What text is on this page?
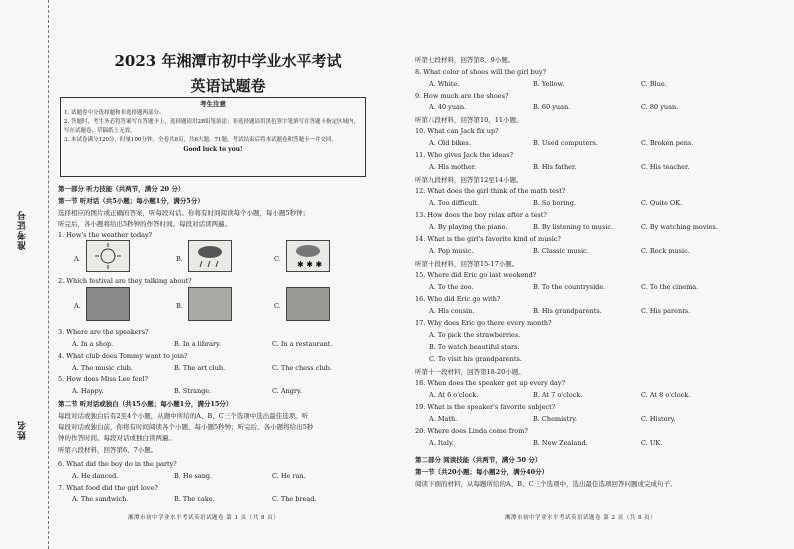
准考证号
姓名
2023 年湘潭市初中学业水平考试
英语试题卷
考生注意
1. 试题卷中分选择题和非选择题两部分。
2. 答题时，考生务必将答案写在答题卡上，选择题请用2B铅笔填涂；非选择题请用黑色签字笔填写在答题卡指定区域内，写在试题卷、草稿纸上无效。
3. 本试卷满分120分，时量100分钟。全卷共8页，共6大题，71题。考试结束后将本试题卷和答题卡一并交回。
Good luck to you!
第一部分 听力技能（共两节，满分 20 分）
第一节 听对话（共5小题；每小题1分，满分5分）
选择相应的图片或正确的答案，听每段对话。你将有时间阅读每个小题，每小题5秒钟；
听完后，各小题将给出5秒钟的作答时间。每段对话读两遍。
1. How's the weather today?
A.	B.	C.
✱ ✱ ✱
2. Which festival are they talking about?
A.	B.	C.
3. Where are the speakers?
A. In a shop.	B. In a library.	C. In a restaurant.
4. What club does Tommy want to join?
A. The music club.	B. The art club.	C. The chess club.
5. How does Miss Lee feel?
A. Happy.	B. Strange.	C. Angry.
第二节 听对话或独白（共15小题；每小题1分，满分15分）
每段对话或独白后有2至4个小题，从题中所给的A、B、C三个选项中选出最佳选项。听
每段对话或独白前，你将有时间阅读各个小题，每小题5秒钟；听完后，各小题将给出5秒
钟的作答时间。每段对话或独白读两遍。
听第六段材料，回答第6、7小题。
6. What did the boy do in the party?
A. He danced.	B. He sang.	C. He ran.
7. What food did the girl love?
A. The sandwich.	B. The cake.	C. The bread.
湘潭市初中学业水平考试英语试题卷 第 1 页（共 8 页）
听第七段材料，回答第8、9小题。
8. What color of shoes will the girl buy?
A. White.	B. Yellow.	C. Blue.
9. How much are the shoes?
A. 40 yuan.	B. 60 yuan.	C. 80 yuan.
听第八段材料，回答第10、11小题。
10. What can Jack fix up?
A. Old bikes.	B. Used computers.	C. Broken pens.
11. Who gives Jack the ideas?
A. His mother.	B. His father.	C. His teacher.
听第九段材料，回答第12至14小题。
12. What does the girl think of the math test?
A. Too difficult.	B. So boring.	C. Quite OK.
13. How does the boy relax after a test?
A. By playing the piano.	B. By listening to music.	C. By watching movies.
14. What is the girl's favorite kind of music?
A. Pop music.	B. Classic music.	C. Rock music.
听第十段材料，回答第15-17小题。
15. Where did Eric go last weekend?
A. To the zoo.	B. To the countryside.	C. To the cinema.
16. Who did Eric go with?
A. His cousin.	B. His grandparents.	C. His parents.
17. Why does Eric go there every month?
A. To pick the strawberries.
B. To watch beautiful stars.
C. To visit his grandparents.
听第十一段材料，回答第18-20小题。
18. When does the speaker get up every day?
A. At 6 o'clock.	B. At 7 o'clock.	C. At 8 o'clock.
19. What is the speaker's favorite subject?
A. Math.	B. Chemistry.	C. History.
20. Where does Linda come from?
A. Italy.	B. New Zealand.	C. UK.
第二部分 阅读技能（共两节，满分 50 分）
第一节（共20小题；每小题2分，满分40分）
阅读下面的材料，从每题所给的A、B、C三个选项中，选出最佳选项回答问题或完成句子。
湘潭市初中学业水平考试英语试题卷 第 2 页（共 8 页）
